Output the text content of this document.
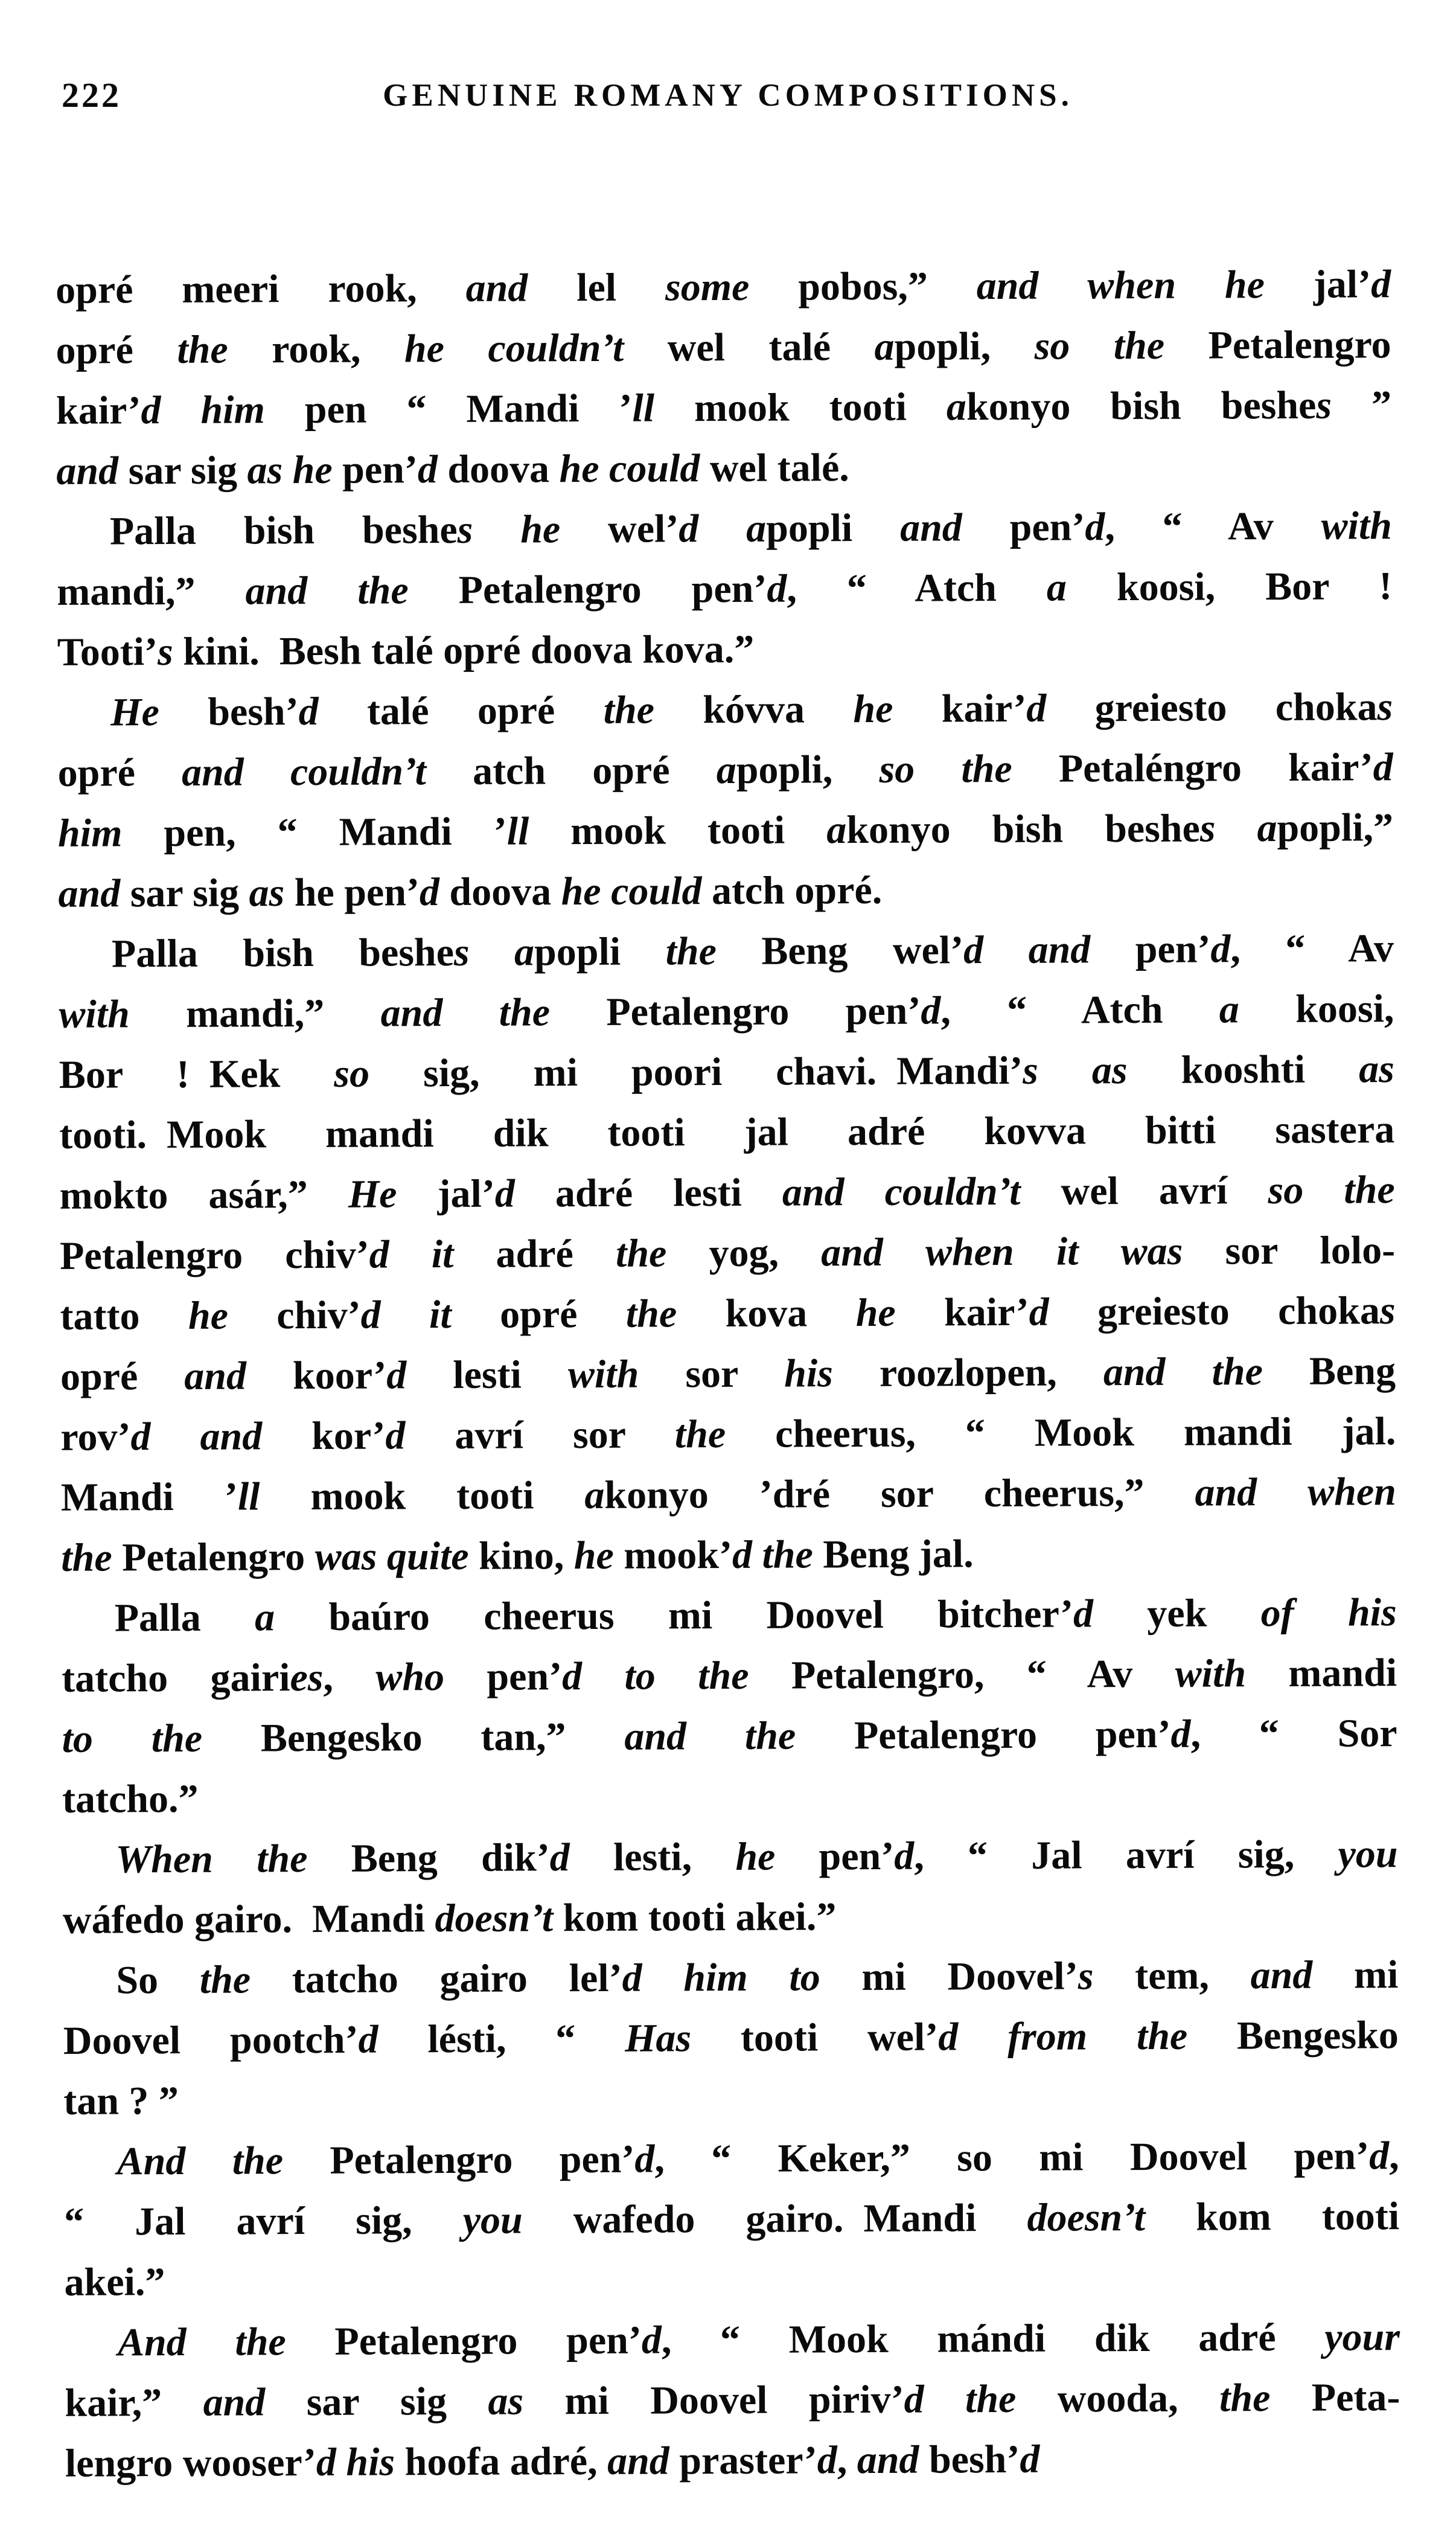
222	GENUINE ROMANY COMPOSITIONS.
opré meeri rook, and lel some pobos,” and when he jal’d
opré the rook, he couldn’t wel talé apopli, so the Petalengro
kair’d him pen “ Mandi ’ll mook tooti akonyo bish beshes ”
and sar sig as he pen’d doova he could wel talé.
Palla bish beshes he wel’d apopli and pen’d, “ Av with
mandi,” and the Petalengro pen’d, “ Atch a koosi, Bor !
Tooti’s kini. Besh talé opré doova kova.”
He besh’d talé opré the kóvva he kair’d greiesto chokas
opré and couldn’t atch opré apopli, so the Petaléngro kair’d
him pen, “ Mandi ’ll mook tooti akonyo bish beshes apopli,”
and sar sig as he pen’d doova he could atch opré.
Palla bish beshes apopli the Beng wel’d and pen’d, “ Av
with mandi,” and the Petalengro pen’d, “ Atch a koosi,
Bor ! Kek so sig, mi poori chavi. Mandi’s as kooshti as
tooti. Mook mandi dik tooti jal adré kovva bitti sastera
mokto asár,” He jal’d adré lesti and couldn’t wel avrí so the
Petalengro chiv’d it adré the yog, and when it was sor lolo-
tatto he chiv’d it opré the kova he kair’d greiesto chokas
opré and koor’d lesti with sor his roozlopen, and the Beng
rov’d and kor’d avrí sor the cheerus, “ Mook mandi jal.
Mandi ’ll mook tooti akonyo ’dré sor cheerus,” and when
the Petalengro was quite kino, he mook’d the Beng jal.
Palla a baúro cheerus mi Doovel bitcher’d yek of his
tatcho gairies, who pen’d to the Petalengro, “ Av with mandi
to the Bengesko tan,” and the Petalengro pen’d, “ Sor
tatcho.”
When the Beng dik’d lesti, he pen’d, “ Jal avrí sig, you
wáfedo gairo. Mandi doesn’t kom tooti akei.”
So the tatcho gairo lel’d him to mi Doovel’s tem, and mi
Doovel pootch’d lésti, “ Has tooti wel’d from the Bengesko
tan ? ”
And the Petalengro pen’d, “ Keker,” so mi Doovel pen’d,
“ Jal avrí sig, you wafedo gairo. Mandi doesn’t kom tooti
akei.”
And the Petalengro pen’d, “ Mook mándi dik adré your
kair,” and sar sig as mi Doovel piriv’d the wooda, the Peta-
lengro wooser’d his hoofa adré, and praster’d, and besh’d
